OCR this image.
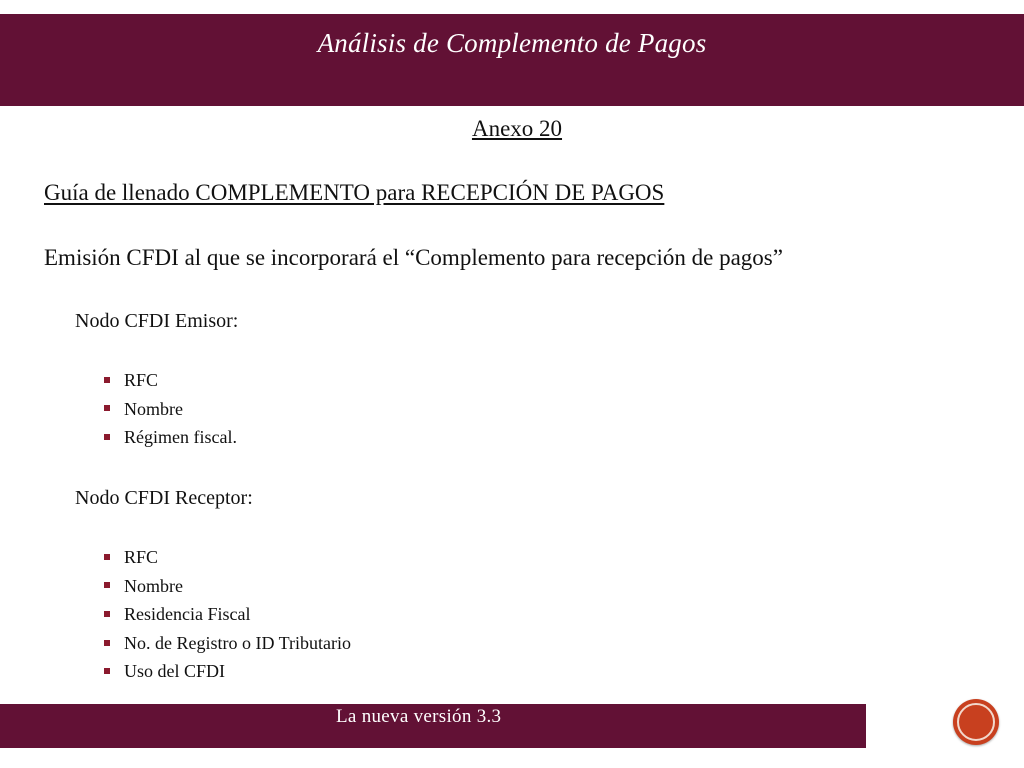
Análisis de Complemento de Pagos
Anexo 20
Guía de llenado COMPLEMENTO para RECEPCIÓN DE PAGOS
Emisión CFDI al que se incorporará el “Complemento para recepción de pagos”
Nodo CFDI Emisor:
RFC
Nombre
Régimen fiscal.
Nodo CFDI Receptor:
RFC
Nombre
Residencia Fiscal
No. de Registro o ID Tributario
Uso del CFDI
La nueva versión 3.3
